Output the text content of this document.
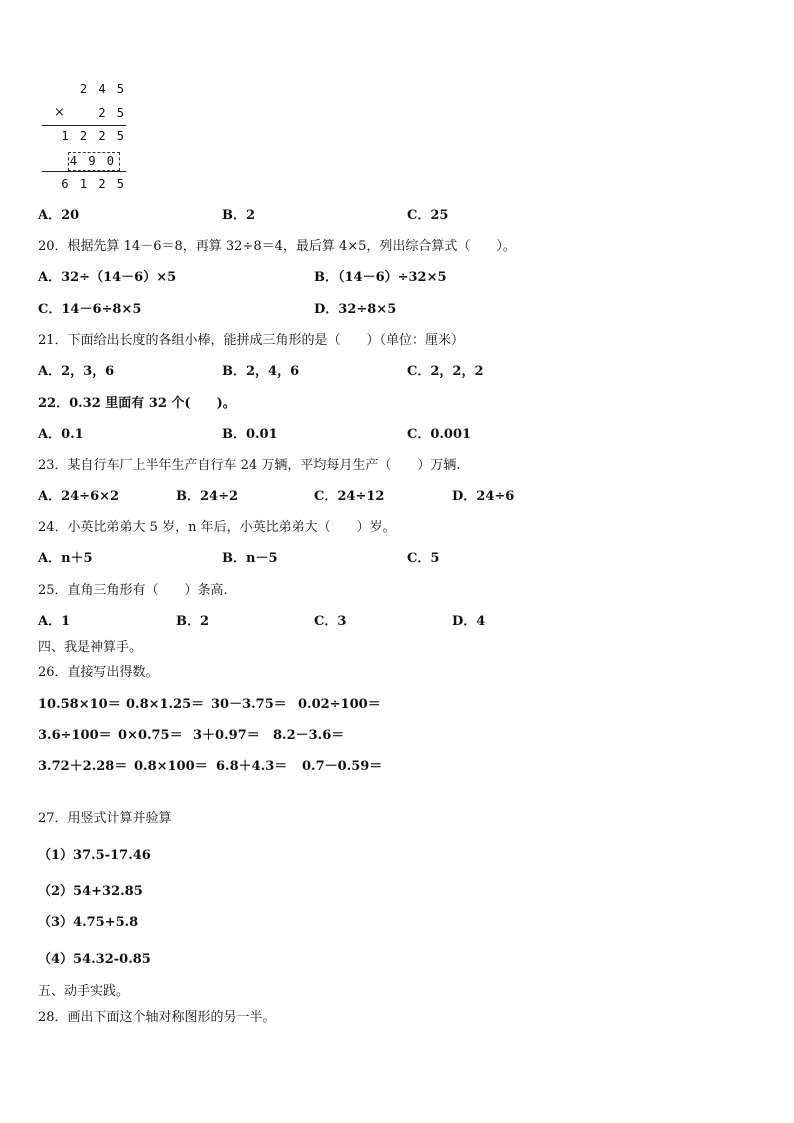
2 4 5
×	2 5
1 2 2 5
4 9 0
6 1 2 5
A．20	B．2	C．25
20．根据先算 14－6＝8，再算 32÷8＝4，最后算 4×5，列出综合算式（　　）。
A．32÷（14－6）×5	B．（14－6）÷32×5
C．14－6÷8×5	D．32÷8×5
21．下面给出长度的各组小棒，能拼成三角形的是（　　）（单位：厘米）
A．2，3，6	B．2，4，6	C．2，2，2
22．0.32 里面有 32 个(　　)。
A．0.1	B．0.01	C．0.001
23．某自行车厂上半年生产自行车 24 万辆，平均每月生产（　　）万辆.
A．24÷6×2	B．24÷2	C．24÷12	D．24÷6
24．小英比弟弟大 5 岁，n 年后，小英比弟弟大（　　）岁。
A．n＋5	B．n－5	C．5
25．直角三角形有（　　）条高.
A．1	B．2	C．3	D．4
四、我是神算手。
26．直接写出得数。
10.58×10＝ 0.8×1.25＝ 30－3.75＝ 0.02÷100＝
3.6÷100＝ 0×0.75＝ 3＋0.97＝ 8.2－3.6＝
3.72＋2.28＝ 0.8×100＝ 6.8＋4.3＝ 0.7－0.59＝
27．用竖式计算并验算
（1）37.5-17.46
（2）54+32.85
（3）4.75+5.8
（4）54.32-0.85
五、动手实践。
28．画出下面这个轴对称图形的另一半。
